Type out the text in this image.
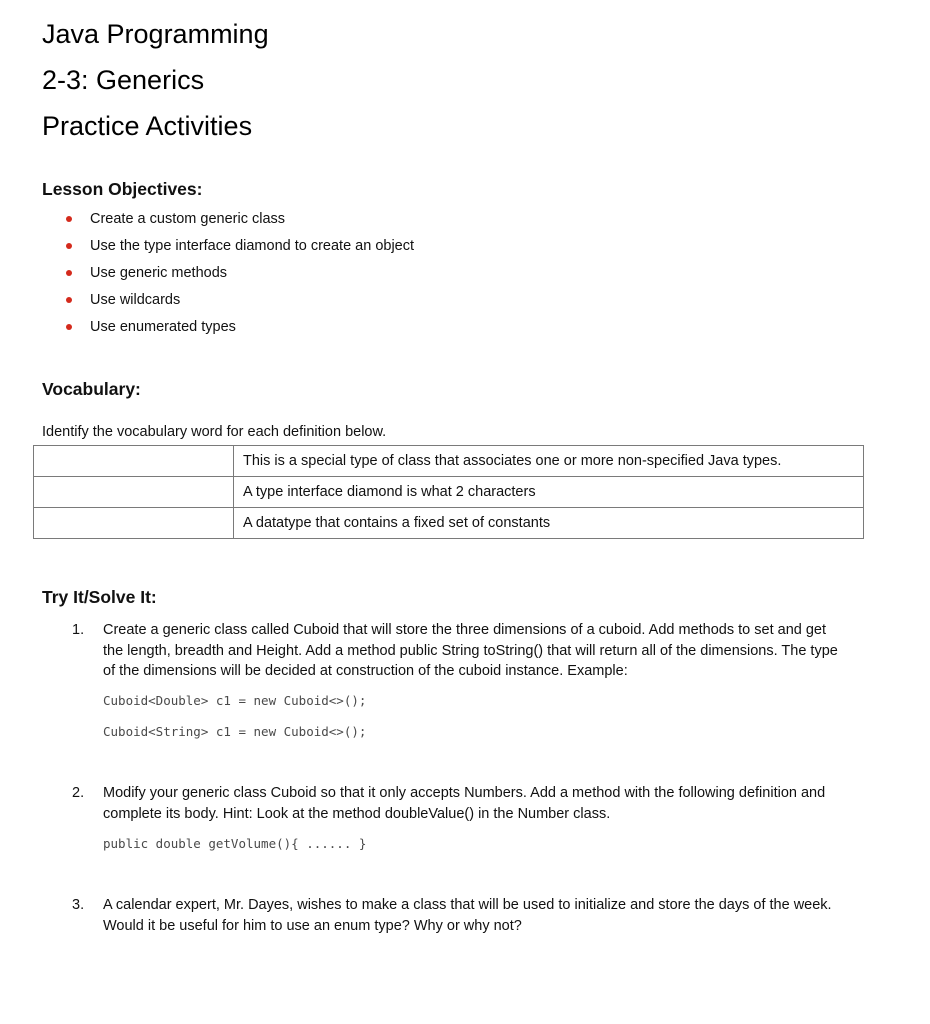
Java Programming
2-3: Generics
Practice Activities
Lesson Objectives:
Create a custom generic class
Use the type interface diamond to create an object
Use generic methods
Use wildcards
Use enumerated types
Vocabulary:
Identify the vocabulary word for each definition below.
	This is a special type of class that associates one or more non-specified Java types.
	A type interface diamond is what 2 characters
	A datatype that contains a fixed set of constants
Try It/Solve It:
1. Create a generic class called Cuboid that will store the three dimensions of a cuboid. Add methods to set and get
the length, breadth and Height. Add a method public String toString() that will return all of the dimensions. The type
of the dimensions will be decided at construction of the cuboid instance. Example:
Cuboid<Double> c1 = new Cuboid<>();
Cuboid<String> c1 = new Cuboid<>();
2. Modify your generic class Cuboid so that it only accepts Numbers. Add a method with the following definition and
complete its body. Hint: Look at the method doubleValue() in the Number class.
public double getVolume(){ ...... }
3. A calendar expert, Mr. Dayes, wishes to make a class that will be used to initialize and store the days of the week.
Would it be useful for him to use an enum type? Why or why not?
